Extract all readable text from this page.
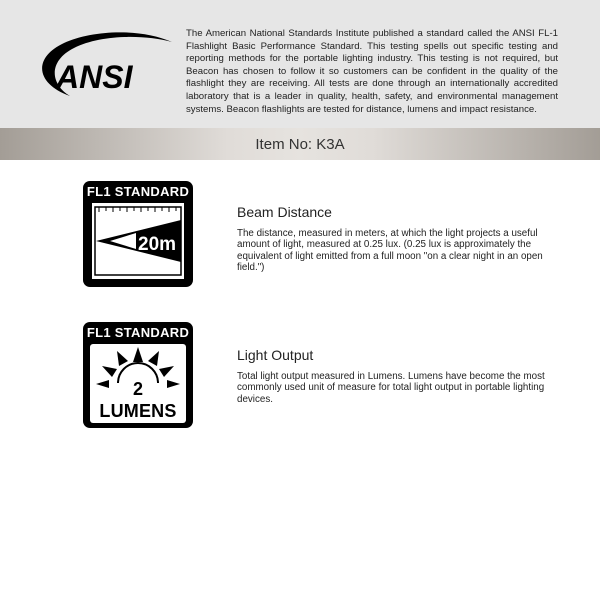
ANSI

The American National Standards Institute published a standard called the ANSI FL-1 Flashlight Basic Performance Standard. This testing spells out specific testing and reporting methods for the portable lighting industry. This testing is not required, but Beacon has chosen to follow it so customers can be confident in the quality of the flashlight they are receiving. All tests are done through an internationally accredited laboratory that is a leader in quality, health, safety, and environmental management systems. Beacon flashlights are tested for distance, lumens and impact resistance.

Item No: K3A
FL1 STANDARD
20m
Beam Distance

The distance, measured in meters, at which the light projects a useful amount of light, measured at 0.25 lux. (0.25 lux is approximately the equivalent of light emitted from a full moon "on a clear night in an open field.")

FL1 STANDARD
2
LUMENS
Light Output

Total light output measured in Lumens. Lumens have become the most commonly used unit of measure for total light output in portable lighting devices.
